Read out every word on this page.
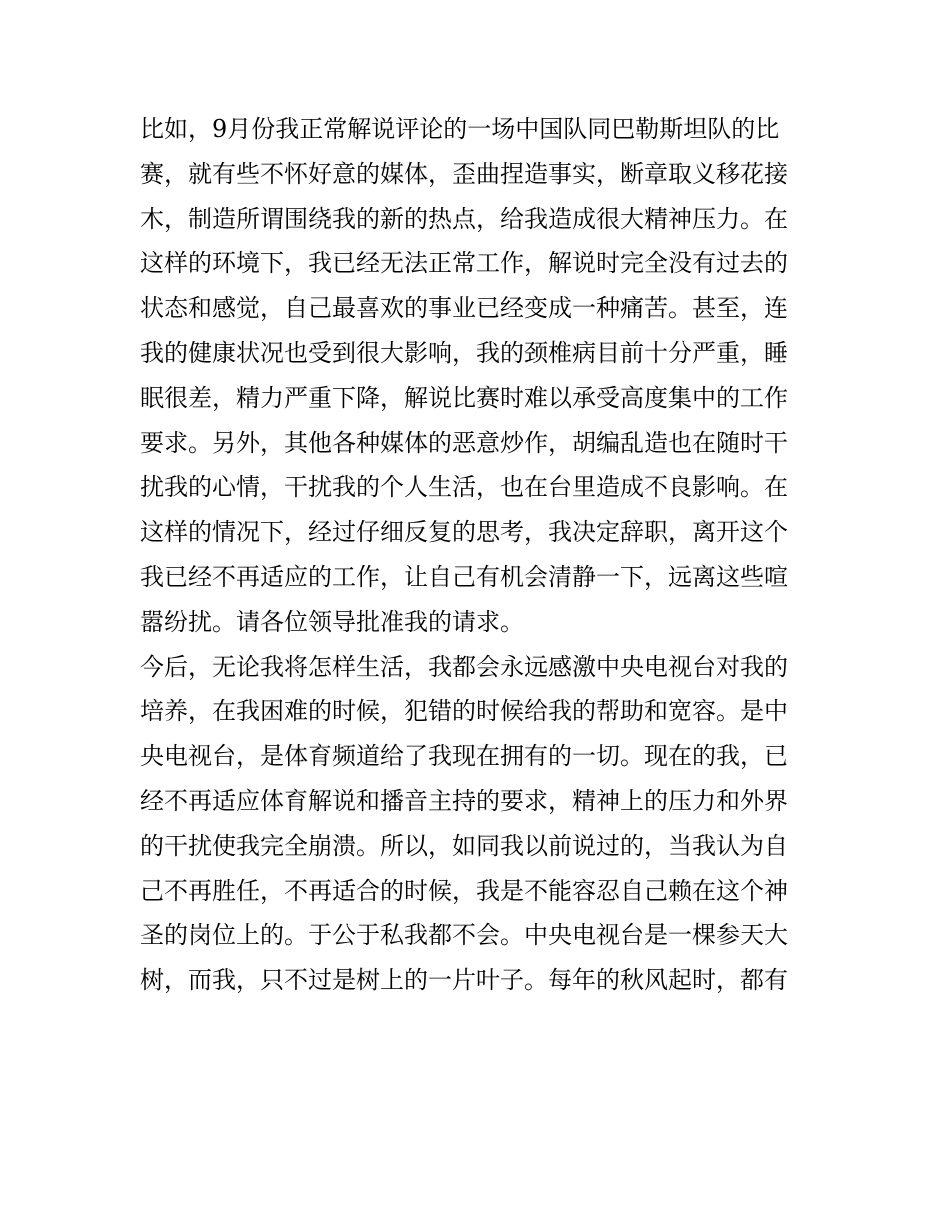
比如，9月份我正常解说评论的一场中国队同巴勒斯坦队的比
赛，就有些不怀好意的媒体，歪曲捏造事实，断章取义移花接
木，制造所谓围绕我的新的热点，给我造成很大精神压力。在
这样的环境下，我已经无法正常工作，解说时完全没有过去的
状态和感觉，自己最喜欢的事业已经变成一种痛苦。甚至，连
我的健康状况也受到很大影响，我的颈椎病目前十分严重，睡
眠很差，精力严重下降，解说比赛时难以承受高度集中的工作
要求。另外，其他各种媒体的恶意炒作，胡编乱造也在随时干
扰我的心情，干扰我的个人生活，也在台里造成不良影响。在
这样的情况下，经过仔细反复的思考，我决定辞职，离开这个
我已经不再适应的工作，让自己有机会清静一下，远离这些喧
嚣纷扰。请各位领导批准我的请求。
今后，无论我将怎样生活，我都会永远感激中央电视台对我的
培养，在我困难的时候，犯错的时候给我的帮助和宽容。是中
央电视台，是体育频道给了我现在拥有的一切。现在的我，已
经不再适应体育解说和播音主持的要求，精神上的压力和外界
的干扰使我完全崩溃。所以，如同我以前说过的，当我认为自
己不再胜任，不再适合的时候，我是不能容忍自己赖在这个神
圣的岗位上的。于公于私我都不会。中央电视台是一棵参天大
树，而我，只不过是树上的一片叶子。每年的秋风起时，都有
